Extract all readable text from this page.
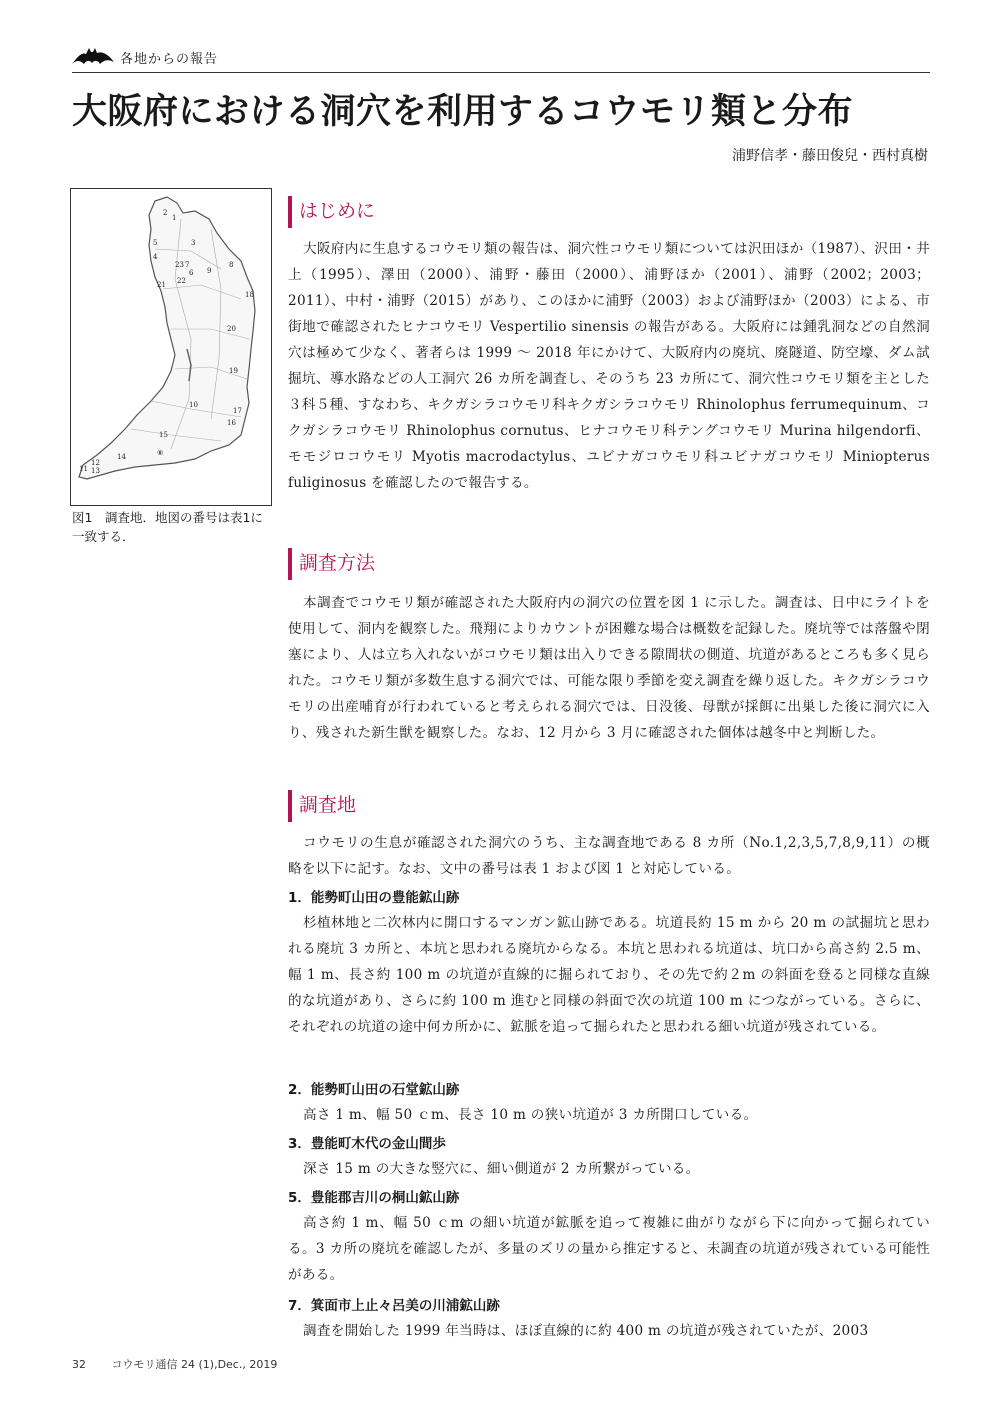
各地からの報告
大阪府における洞穴を利用するコウモリ類と分布
浦野信孝・藤田俊兒・西村真樹
2
1
5	3
4
23 7
6
22
21
9
8
18
20
19
10
17
16
15
⑧
14
12
11 13
図1　調査地．地図の番号は表1に一致する．
はじめに

大阪府内に生息するコウモリ類の報告は、洞穴性コウモリ類については沢田ほか（1987）、沢田・井上（1995）、澤田（2000）、浦野・藤田（2000）、浦野ほか（2001）、浦野（2002；2003；2011）、中村・浦野（2015）があり、このほかに浦野（2003）および浦野ほか（2003）による、市街地で確認されたヒナコウモリ Vespertilio sinensis の報告がある。大阪府には鍾乳洞などの自然洞穴は極めて少なく、著者らは 1999 ～ 2018 年にかけて、大阪府内の廃坑、廃隧道、防空壕、ダム試掘坑、導水路などの人工洞穴 26 カ所を調査し、そのうち 23 カ所にて、洞穴性コウモリ類を主とした３科５種、すなわち、キクガシラコウモリ科キクガシラコウモリ Rhinolophus ferrumequinum、コクガシラコウモリ Rhinolophus cornutus、ヒナコウモリ科テングコウモリ Murina hilgendorfi、モモジロコウモリ Myotis macrodactylus、ユビナガコウモリ科ユビナガコウモリ Miniopterus fuliginosus を確認したので報告する。

調査方法

本調査でコウモリ類が確認された大阪府内の洞穴の位置を図 1 に示した。調査は、日中にライトを使用して、洞内を観察した。飛翔によりカウントが困難な場合は概数を記録した。廃坑等では落盤や閉塞により、人は立ち入れないがコウモリ類は出入りできる隙間状の側道、坑道があるところも多く見られた。コウモリ類が多数生息する洞穴では、可能な限り季節を変え調査を繰り返した。キクガシラコウモリの出産哺育が行われていると考えられる洞穴では、日没後、母獣が採餌に出巣した後に洞穴に入り、残された新生獣を観察した。なお、12 月から 3 月に確認された個体は越冬中と判断した。

調査地

コウモリの生息が確認された洞穴のうち、主な調査地である 8 カ所（No.1,2,3,5,7,8,9,11）の概略を以下に記す。なお、文中の番号は表 1 および図 1 と対応している。

1．能勢町山田の豊能鉱山跡

杉植林地と二次林内に開口するマンガン鉱山跡である。坑道長約 15 m から 20 m の試掘坑と思われる廃坑 3 カ所と、本坑と思われる廃坑からなる。本坑と思われる坑道は、坑口から高さ約 2.5 m、幅 1 m、長さ約 100 m の坑道が直線的に掘られており、その先で約２m の斜面を登ると同様な直線的な坑道があり、さらに約 100 m 進むと同様の斜面で次の坑道 100 m につながっている。さらに、それぞれの坑道の途中何カ所かに、鉱脈を追って掘られたと思われる細い坑道が残されている。

2．能勢町山田の石堂鉱山跡

高さ 1 m、幅 50 ｃm、長さ 10 m の狭い坑道が 3 カ所開口している。

3．豊能町木代の金山間歩

深さ 15 m の大きな竪穴に、細い側道が 2 カ所繋がっている。

5．豊能郡吉川の桐山鉱山跡

高さ約 1 m、幅 50 ｃm の細い坑道が鉱脈を追って複雑に曲がりながら下に向かって掘られている。3 カ所の廃坑を確認したが、多量のズリの量から推定すると、未調査の坑道が残されている可能性がある。

7．箕面市上止々呂美の川浦鉱山跡

調査を開始した 1999 年当時は、ほぼ直線的に約 400 m の坑道が残されていたが、2003

32 コウモリ通信 24 (1),Dec., 2019
